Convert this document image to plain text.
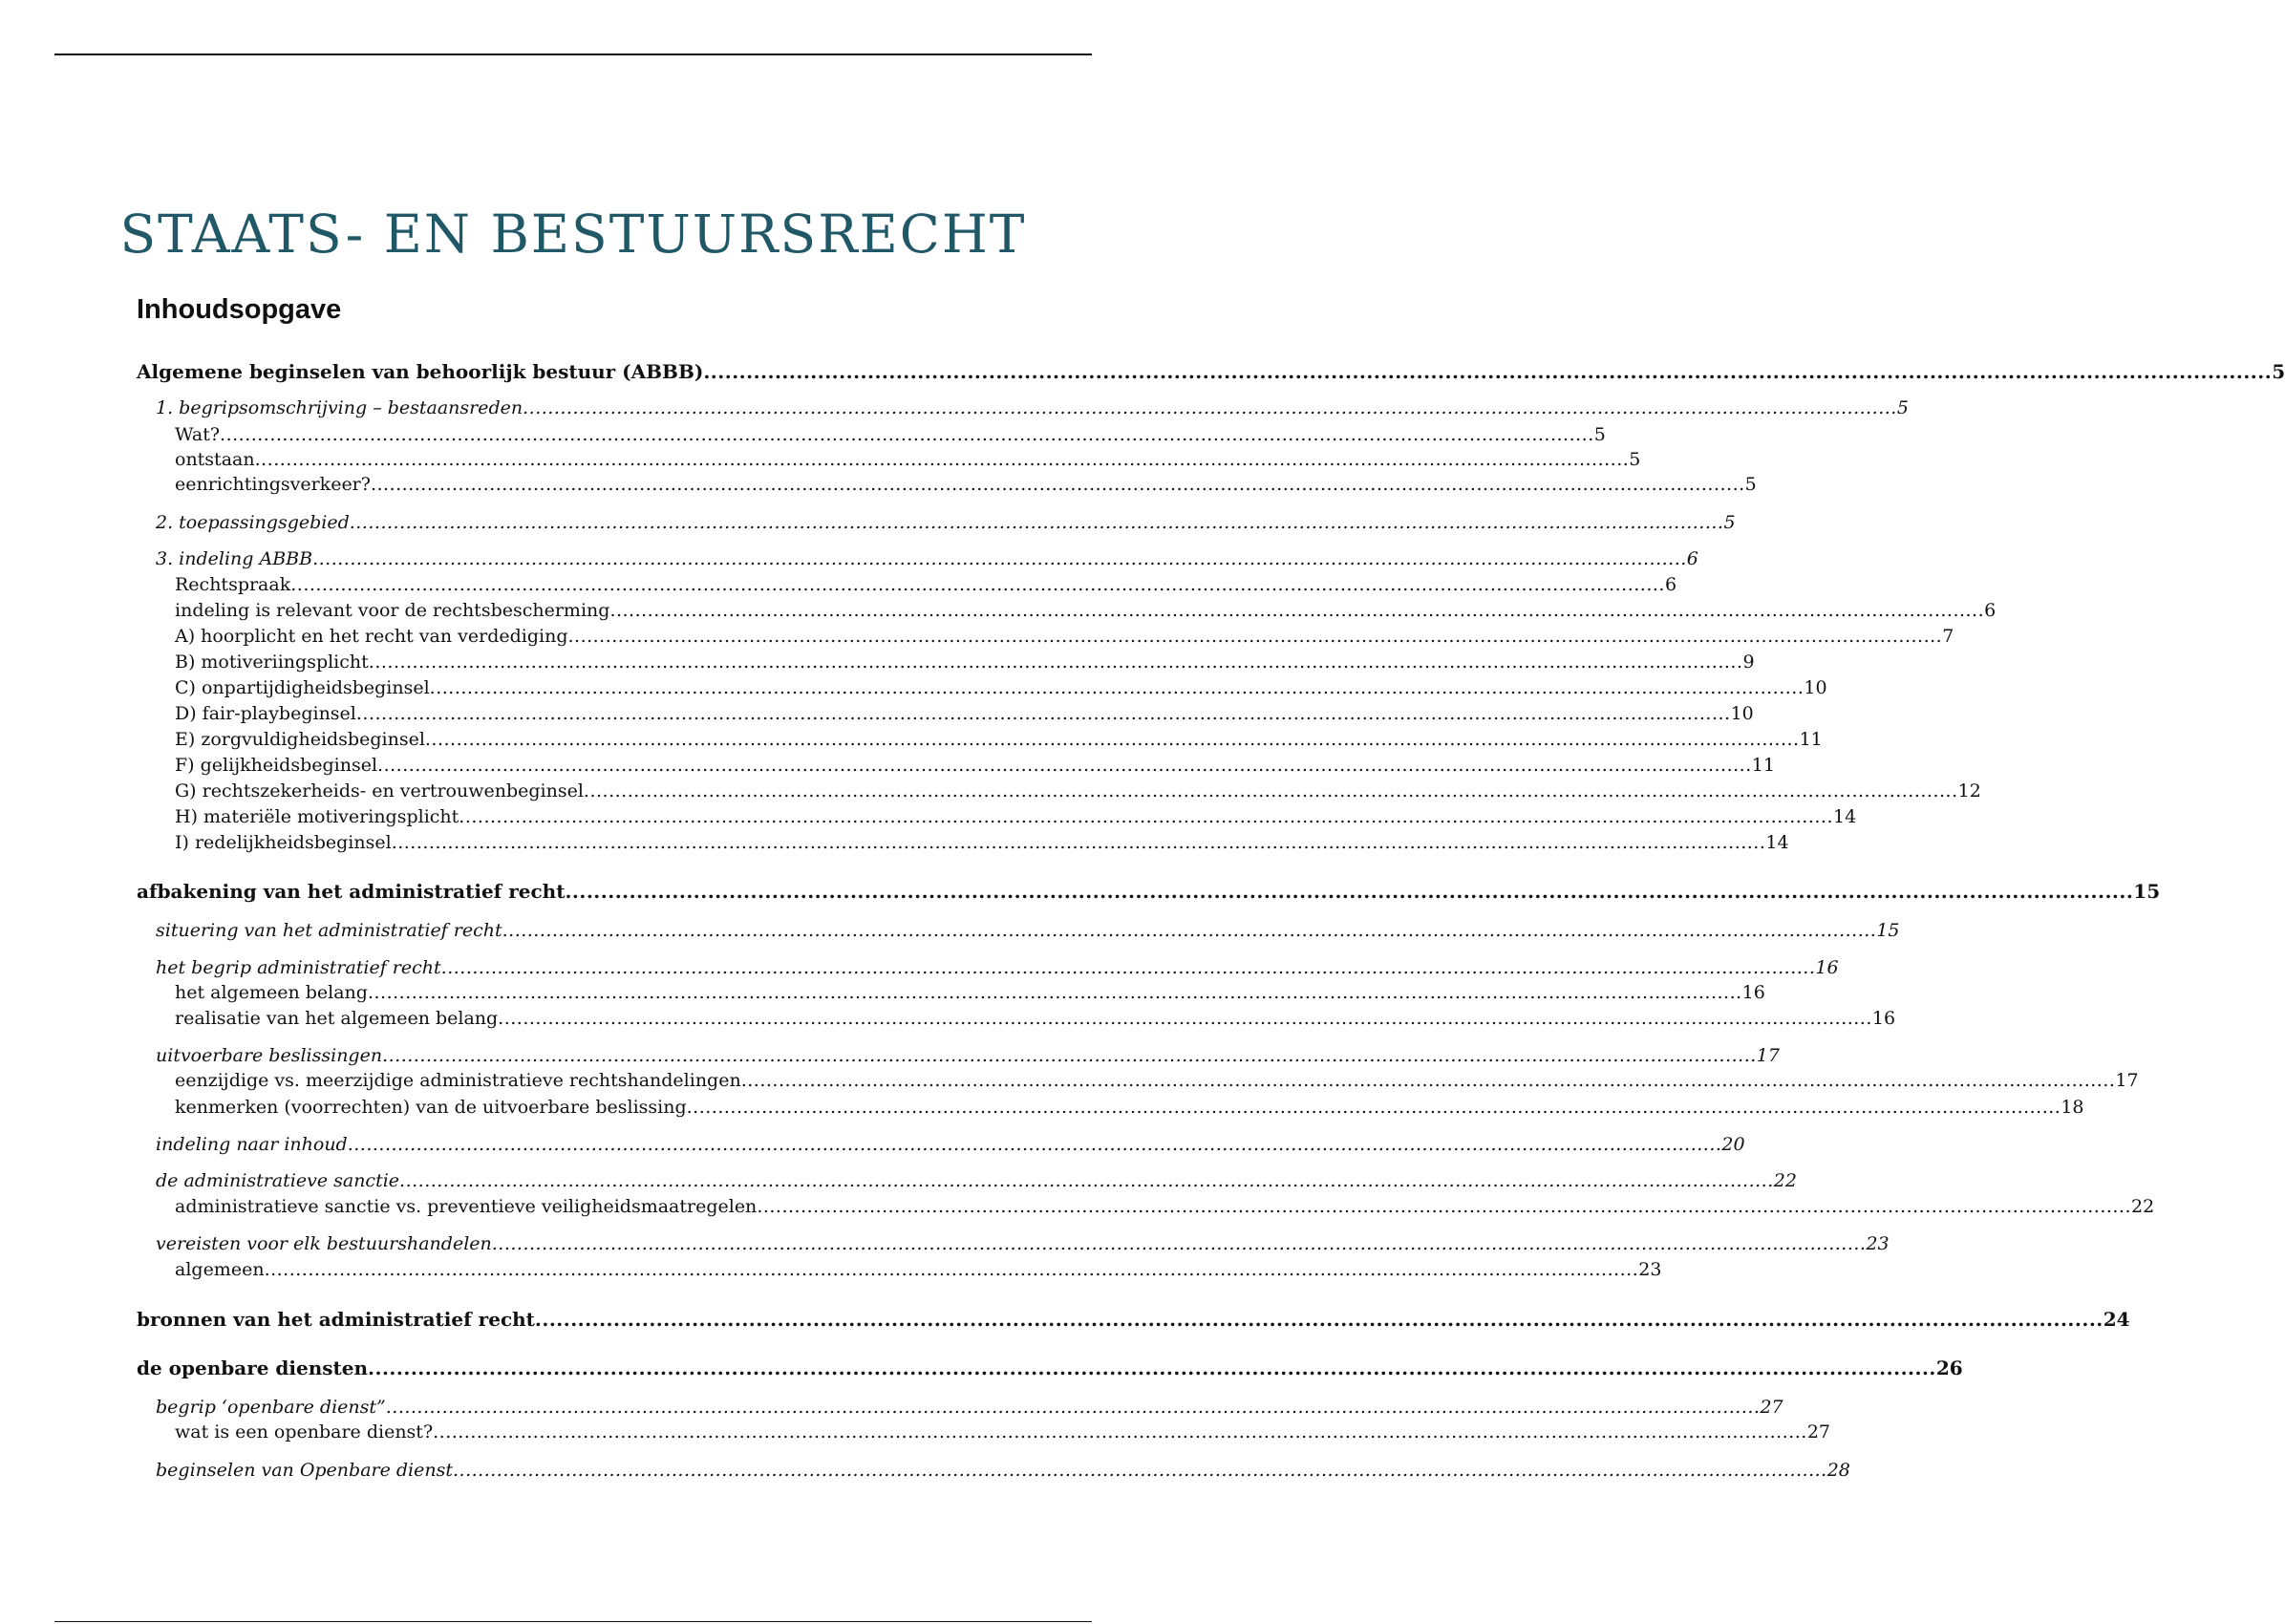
STAATS- EN BESTUURSRECHT
Inhoudsopgave
Algemene beginselen van behoorlijk bestuur (ABBB) ............................................................................................................................................................................................................................ 5
1. begripsomschrijving – bestaansreden ............................................................................................................................................................................................................................ 5
Wat? ............................................................................................................................................................................................................................ 5
ontstaan ............................................................................................................................................................................................................................ 5
eenrichtingsverkeer? ............................................................................................................................................................................................................................ 5
2. toepassingsgebied ............................................................................................................................................................................................................................ 5
3. indeling ABBB ............................................................................................................................................................................................................................ 6
Rechtspraak ............................................................................................................................................................................................................................ 6
indeling is relevant voor de rechtsbescherming ............................................................................................................................................................................................................................ 6
A) hoorplicht en het recht van verdediging ............................................................................................................................................................................................................................ 7
B) motiveriingsplicht ............................................................................................................................................................................................................................ 9
C) onpartijdigheidsbeginsel ............................................................................................................................................................................................................................ 10
D) fair-playbeginsel ............................................................................................................................................................................................................................ 10
E) zorgvuldigheidsbeginsel ............................................................................................................................................................................................................................ 11
F) gelijkheidsbeginsel ............................................................................................................................................................................................................................ 11
G) rechtszekerheids- en vertrouwenbeginsel ............................................................................................................................................................................................................................ 12
H) materiële motiveringsplicht ............................................................................................................................................................................................................................ 14
I) redelijkheidsbeginsel ............................................................................................................................................................................................................................ 14
afbakening van het administratief recht ............................................................................................................................................................................................................................ 15
situering van het administratief recht ............................................................................................................................................................................................................................ 15
het begrip administratief recht ............................................................................................................................................................................................................................ 16
het algemeen belang ............................................................................................................................................................................................................................ 16
realisatie van het algemeen belang ............................................................................................................................................................................................................................ 16
uitvoerbare beslissingen ............................................................................................................................................................................................................................ 17
eenzijdige vs. meerzijdige administratieve rechtshandelingen ............................................................................................................................................................................................................................ 17
kenmerken (voorrechten) van de uitvoerbare beslissing ............................................................................................................................................................................................................................ 18
indeling naar inhoud ............................................................................................................................................................................................................................ 20
de administratieve sanctie ............................................................................................................................................................................................................................ 22
administratieve sanctie vs. preventieve veiligheidsmaatregelen ............................................................................................................................................................................................................................ 22
vereisten voor elk bestuurshandelen ............................................................................................................................................................................................................................ 23
algemeen ............................................................................................................................................................................................................................ 23
bronnen van het administratief recht ............................................................................................................................................................................................................................ 24
de openbare diensten ............................................................................................................................................................................................................................ 26
begrip ‘openbare dienst” ............................................................................................................................................................................................................................ 27
wat is een openbare dienst? ............................................................................................................................................................................................................................ 27
beginselen van Openbare dienst ............................................................................................................................................................................................................................ 28
